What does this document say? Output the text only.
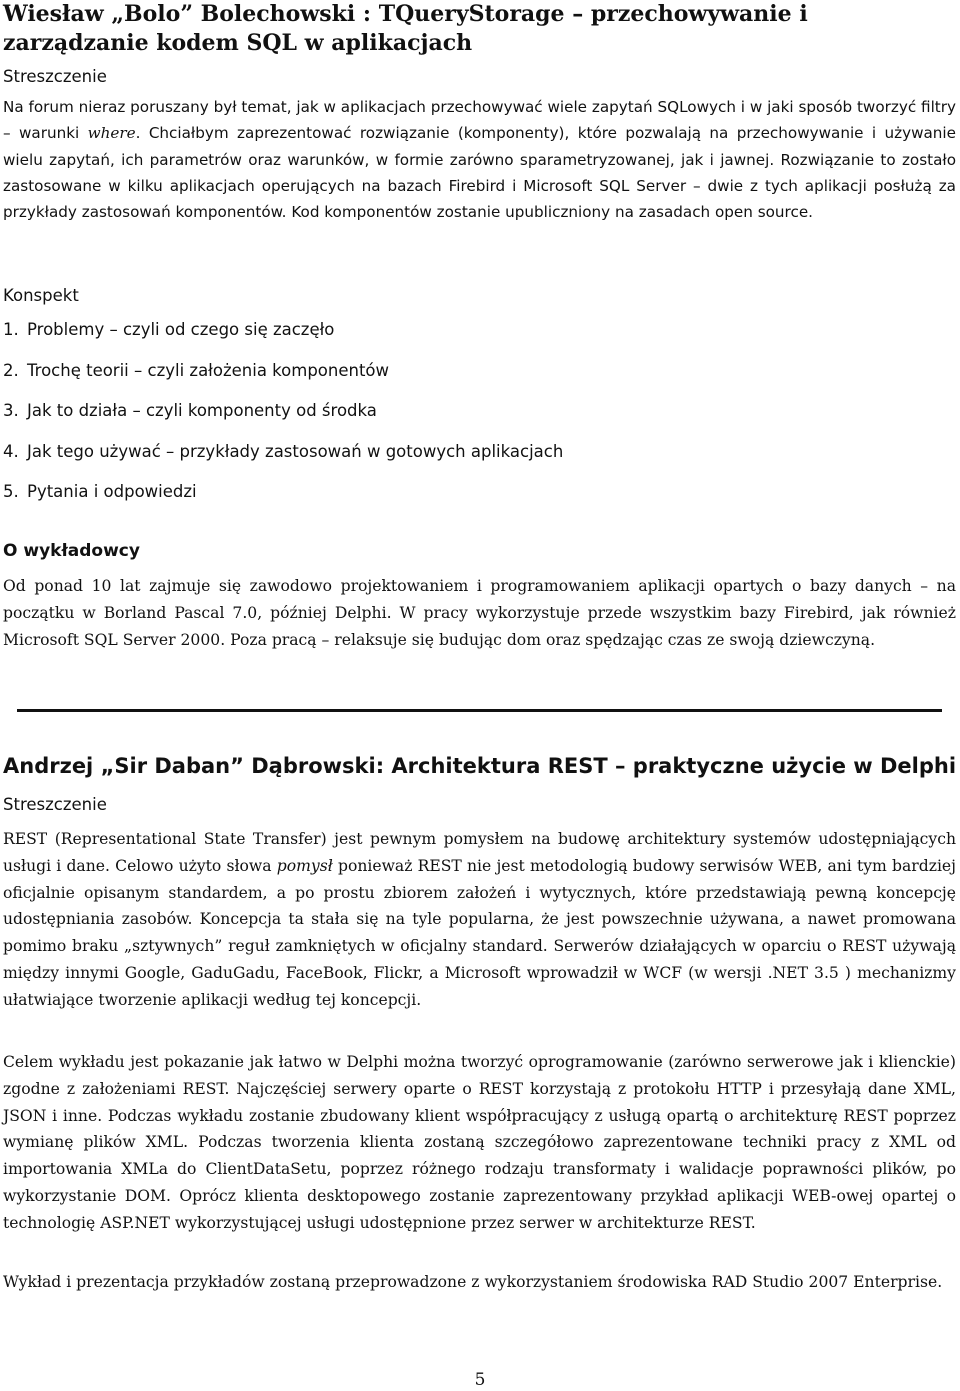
Wiesław „Bolo” Bolechowski : TQueryStorage – przechowywanie i zarządzanie kodem SQL w aplikacjach
Streszczenie
Na forum nieraz poruszany był temat, jak w aplikacjach przechowywać wiele zapytań SQLowych i w jaki sposób tworzyć filtry – warunki where. Chciałbym zaprezentować rozwiązanie (komponenty), które pozwalają na przechowywanie i używanie wielu zapytań, ich parametrów oraz warunków, w formie zarówno sparametryzowanej, jak i jawnej. Rozwiązanie to zostało zastosowane w kilku aplikacjach operujących na bazach Firebird i Microsoft SQL Server – dwie z tych aplikacji posłużą za przykłady zastosowań komponentów. Kod komponentów zostanie upubliczniony na zasadach open source.
Konspekt
1. Problemy – czyli od czego się zaczęło
2. Trochę teorii – czyli założenia komponentów
3. Jak to działa – czyli komponenty od środka
4. Jak tego używać – przykłady zastosowań w gotowych aplikacjach
5. Pytania i odpowiedzi
O wykładowcy
Od ponad 10 lat zajmuje się zawodowo projektowaniem i programowaniem aplikacji opartych o bazy danych – na początku w Borland Pascal 7.0, później Delphi. W pracy wykorzystuje przede wszystkim bazy Firebird, jak również Microsoft SQL Server 2000. Poza pracą – relaksuje się budując dom oraz spędzając czas ze swoją dziewczyną.
Andrzej „Sir Daban” Dąbrowski: Architektura REST – praktyczne użycie w Delphi
Streszczenie
REST (Representational State Transfer) jest pewnym pomysłem na budowę architektury systemów udostępniających usługi i dane. Celowo użyto słowa pomysł ponieważ REST nie jest metodologią budowy serwisów WEB, ani tym bardziej oficjalnie opisanym standardem, a po prostu zbiorem założeń i wytycznych, które przedstawiają pewną koncepcję udostępniania zasobów. Koncepcja ta stała się na tyle popularna, że jest powszechnie używana, a nawet promowana pomimo braku „sztywnych” reguł zamkniętych w oficjalny standard. Serwerów działających w oparciu o REST używają między innymi Google, GaduGadu, FaceBook, Flickr, a Microsoft wprowadził w WCF (w wersji .NET 3.5 ) mechanizmy ułatwiające tworzenie aplikacji według tej koncepcji.
Celem wykładu jest pokazanie jak łatwo w Delphi można tworzyć oprogramowanie (zarówno serwerowe jak i klienckie) zgodne z założeniami REST. Najczęściej serwery oparte o REST korzystają z protokołu HTTP i przesyłają dane XML, JSON i inne. Podczas wykładu zostanie zbudowany klient współpracujący z usługą opartą o architekturę REST poprzez wymianę plików XML. Podczas tworzenia klienta zostaną szczegółowo zaprezentowane techniki pracy z XML od importowania XMLa do ClientDataSetu, poprzez różnego rodzaju transformaty i walidacje poprawności plików, po wykorzystanie DOM. Oprócz klienta desktopowego zostanie zaprezentowany przykład aplikacji WEB-owej opartej o technologię ASP.NET wykorzystującej usługi udostępnione przez serwer w architekturze REST.
Wykład i prezentacja przykładów zostaną przeprowadzone z wykorzystaniem środowiska RAD Studio 2007 Enterprise.
5
